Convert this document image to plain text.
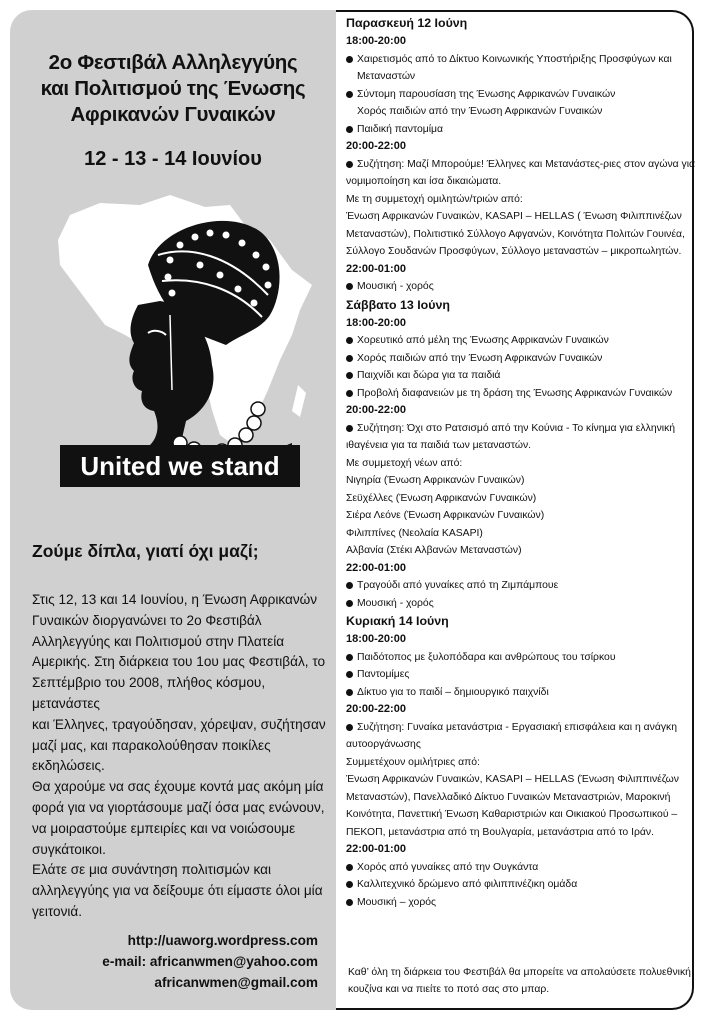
2ο Φεστιβάλ Αλληλεγγύης
και Πολιτισμού της Ένωσης
Αφρικανών Γυναικών
12 - 13 - 14 Ιουνίου
United we stand
Ζούμε δίπλα, γιατί όχι μαζί;

Στις 12, 13 και 14 Ιουνίου, η Ένωση Αφρικανών

Γυναικών διοργανώνει το 2ο Φεστιβάλ

Αλληλεγγύης και Πολιτισμού στην Πλατεία

Αμερικής. Στη διάρκεια του 1ου μας Φεστιβάλ, το

Σεπτέμβριο του 2008, πλήθος κόσμου, μετανάστες

και Έλληνες, τραγούδησαν, χόρεψαν, συζήτησαν

μαζί μας, και παρακολούθησαν ποικίλες

εκδηλώσεις.

Θα χαρούμε να σας έχουμε κοντά μας ακόμη μία

φορά για να γιορτάσουμε μαζί όσα μας ενώνουν,

να μοιραστούμε εμπειρίες και να νοιώσουμε

συγκάτοικοι.

Ελάτε σε μια συνάντηση πολιτισμών και

αλληλεγγύης για να δείξουμε ότι είμαστε όλοι μία

γειτονιά.

http://uaworg.wordpress.com
e-mail: africanwmen@yahoo.com
africanwmen@gmail.com
Παρασκευή 12 Ιούνη
18:00-20:00
Χαιρετισμός από το Δίκτυο Κοινωνικής Υποστήριξης Προσφύγων και
Μεταναστών
Σύντομη παρουσίαση της Ένωσης Αφρικανών Γυναικών
Χορός παιδιών από την Ένωση Αφρικανών Γυναικών
Παιδική παντομίμα
20:00-22:00
Συζήτηση: Μαζί Μπορούμε! Έλληνες και Μετανάστες-ριες στον αγώνα για
νομιμοποίηση και ίσα δικαιώματα.
Με τη συμμετοχή ομιλητών/τριών από:
Ένωση Αφρικανών Γυναικών, KASAPI – HELLAS ( Ένωση Φιλιππινέζων
Μεταναστών), Πολιτιστικό Σύλλογο Αφγανών, Κοινότητα Πολιτών Γουινέα,
Σύλλογο Σουδανών Προσφύγων, Σύλλογο μεταναστών – μικροπωλητών.
22:00-01:00
Μουσική - χορός
Σάββατο 13 Ιούνη
18:00-20:00
Χορευτικό από μέλη της Ένωσης Αφρικανών Γυναικών
Χορός παιδιών από την Ένωση Αφρικανών Γυναικών
Παιχνίδι και δώρα για τα παιδιά
Προβολή διαφανειών με τη δράση της Ένωσης Αφρικανών Γυναικών
20:00-22:00
Συζήτηση: Όχι στο Ρατσισμό από την Κούνια - Το κίνημα για ελληνική
ιθαγένεια για τα παιδιά των μεταναστών.
Με συμμετοχή νέων από:
Νιγηρία (Ένωση Αφρικανών Γυναικών)
Σεϋχέλλες (Ένωση Αφρικανών Γυναικών)
Σιέρα Λεόνε (Ένωση Αφρικανών Γυναικών)
Φιλιππίνες (Νεολαία KASAPI)
Αλβανία (Στέκι Αλβανών Μεταναστών)
22:00-01:00
Τραγούδι από γυναίκες από τη Ζιμπάμπουε
Μουσική - χορός
Κυριακή 14 Ιούνη
18:00-20:00
Παιδότοπος με ξυλοπόδαρα και ανθρώπους του τσίρκου
Παντομίμες
Δίκτυο για το παιδί – δημιουργικό παιχνίδι
20:00-22:00
Συζήτηση: Γυναίκα μετανάστρια - Εργασιακή επισφάλεια και η ανάγκη
αυτοοργάνωσης
Συμμετέχουν ομιλήτριες από:
Ένωση Αφρικανών Γυναικών, KASAPI – HELLAS (Ένωση Φιλιππινέζων
Μεταναστών), Πανελλαδικό Δίκτυο Γυναικών Μεταναστριών, Μαροκινή
Κοινότητα, Πανεττική Ένωση Καθαριστριών και Οικιακού Προσωπικού –
ΠΕΚΟΠ, μετανάστρια από τη Βουλγαρία, μετανάστρια από το Ιράν.
22:00-01:00
Χορός από γυναίκες από την Ουγκάντα
Καλλιτεχνικό δρώμενο από φιλιππινέζικη ομάδα
Μουσική – χορός
Καθ’ όλη τη διάρκεια του Φεστιβάλ θα μπορείτε να απολαύσετε πολυεθνική
κουζίνα και να πιείτε το ποτό σας στο μπαρ.
